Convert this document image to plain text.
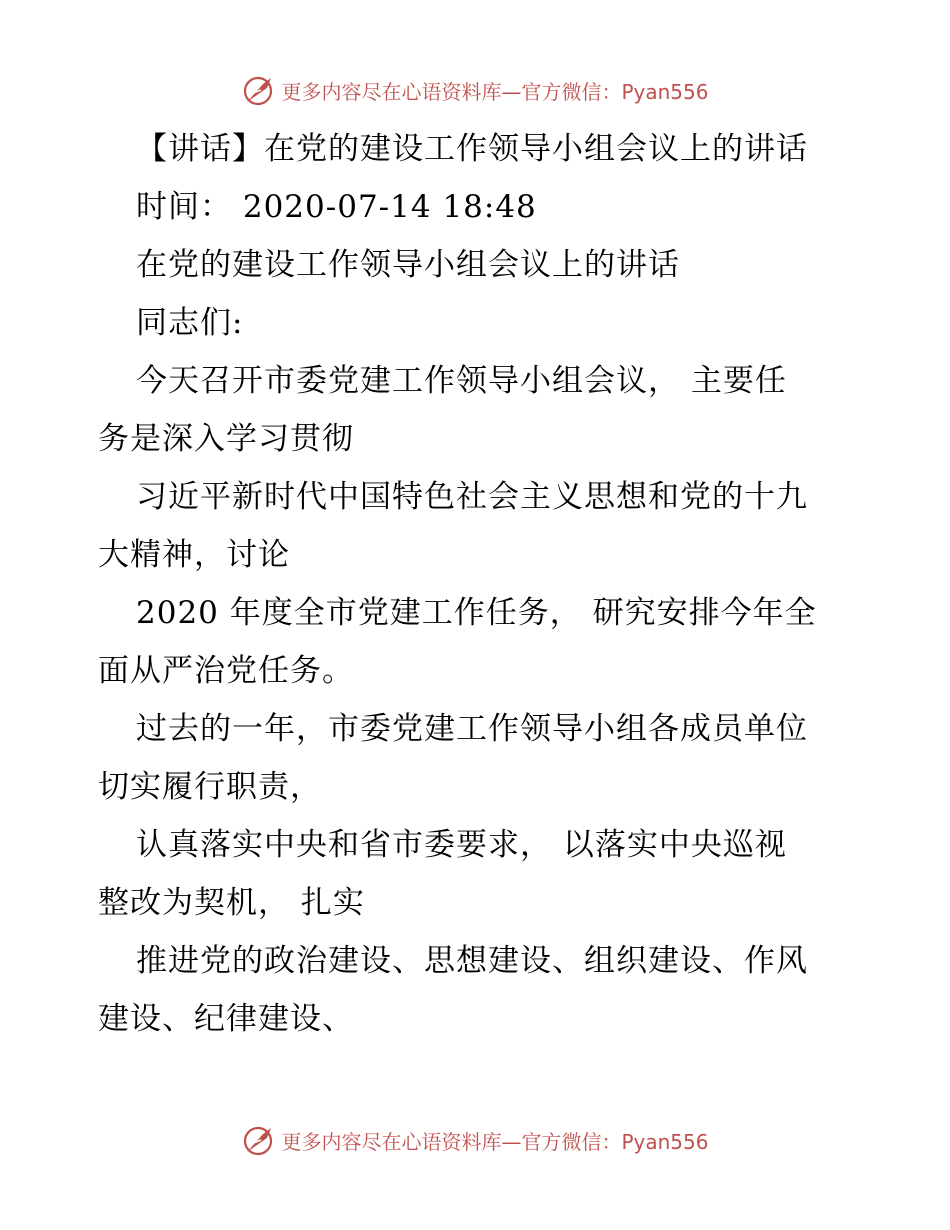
更多内容尽在心语资料库—官方微信：Pyan556
【讲话】在党的建设工作领导小组会议上的讲话
时间： 2020-07-14 18:48
在党的建设工作领导小组会议上的讲话
同志们:
今天召开市委党建工作领导小组会议， 主要任
务是深入学习贯彻
习近平新时代中国特色社会主义思想和党的十九
大精神，讨论
2020 年度全市党建工作任务， 研究安排今年全
面从严治党任务。
过去的一年，市委党建工作领导小组各成员单位
切实履行职责，
认真落实中央和省市委要求， 以落实中央巡视
整改为契机， 扎实
推进党的政治建设、思想建设、组织建设、作风
建设、纪律建设、
更多内容尽在心语资料库—官方微信：Pyan556
